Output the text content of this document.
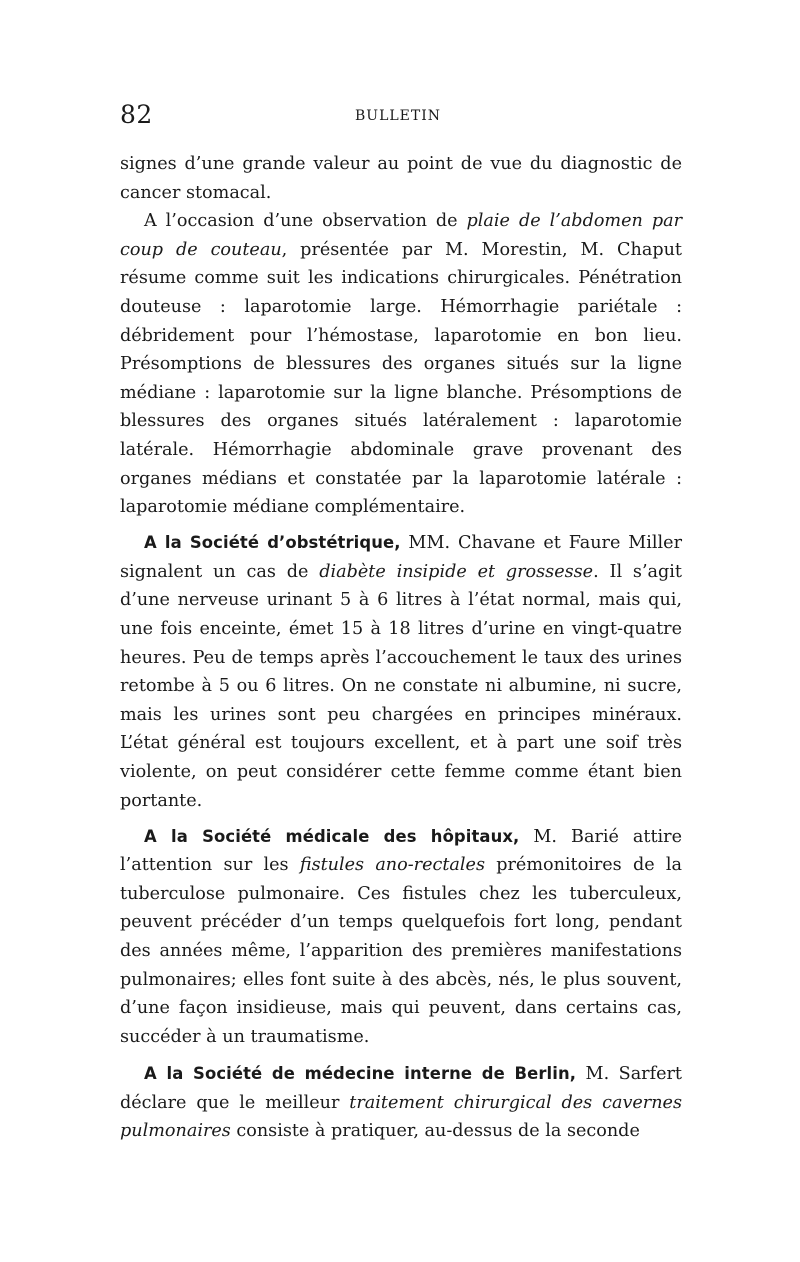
82	BULLETIN

signes d’une grande valeur au point de vue du diagnostic de cancer stomacal.

A l’occasion d’une observation de plaie de l’abdomen par coup de couteau, présentée par M. Morestin, M. Chaput résume comme suit les indications chirurgicales. Pénétration douteuse : laparotomie large. Hémorrhagie pariétale : débridement pour l’hémostase, laparotomie en bon lieu. Présomptions de blessures des organes situés sur la ligne médiane : laparotomie sur la ligne blanche. Présomptions de blessures des organes situés latéralement : laparotomie latérale. Hémorrhagie abdominale grave provenant des organes médians et constatée par la laparotomie latérale : laparotomie médiane complémentaire.

A la Société d’obstétrique, MM. Chavane et Faure Miller signalent un cas de diabète insipide et grossesse. Il s’agit d’une nerveuse urinant 5 à 6 litres à l’état normal, mais qui, une fois enceinte, émet 15 à 18 litres d’urine en vingt-quatre heures. Peu de temps après l’accouchement le taux des urines retombe à 5 ou 6 litres. On ne constate ni albumine, ni sucre, mais les urines sont peu chargées en principes minéraux. L’état général est toujours excellent, et à part une soif très violente, on peut considérer cette femme comme étant bien portante.

A la Société médicale des hôpitaux, M. Barié attire l’attention sur les fistules ano-rectales prémonitoires de la tuberculose pulmonaire. Ces fistules chez les tuberculeux, peuvent précéder d’un temps quelquefois fort long, pendant des années même, l’apparition des premières manifestations pulmonaires; elles font suite à des abcès, nés, le plus souvent, d’une façon insidieuse, mais qui peuvent, dans certains cas, succéder à un traumatisme.

A la Société de médecine interne de Berlin, M. Sarfert déclare que le meilleur traitement chirurgical des cavernes pulmonaires consiste à pratiquer, au-dessus de la seconde
